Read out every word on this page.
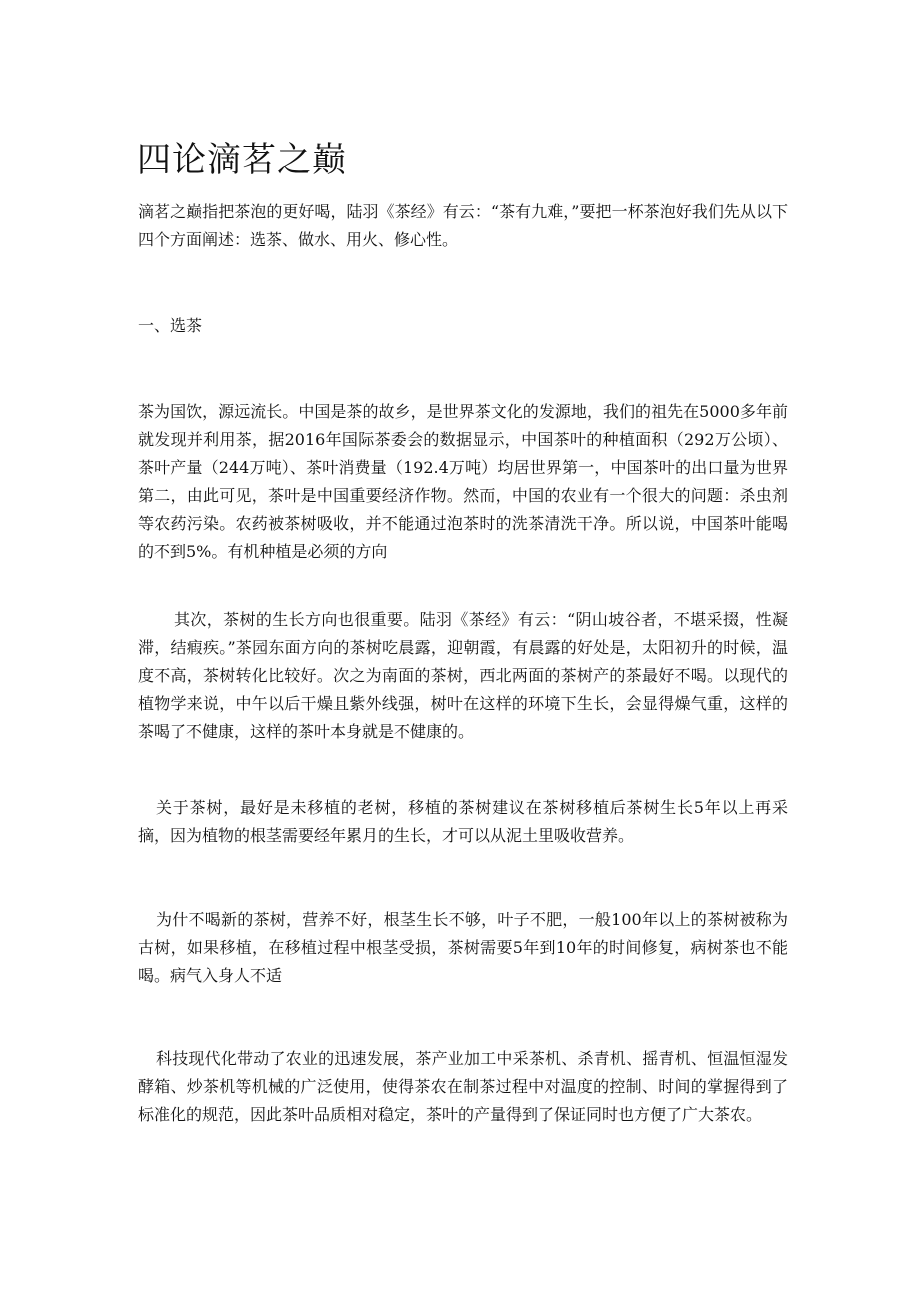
四论滴茗之巅

滴茗之巅指把茶泡的更好喝，陆羽《茶经》有云：“茶有九难，”要把一杯茶泡好我们先从以下四个方面阐述：选茶、做水、用火、修心性。

一、选茶

茶为国饮，源远流长。中国是茶的故乡，是世界茶文化的发源地，我们的祖先在5000多年前就发现并利用茶，据2016年国际茶委会的数据显示，中国茶叶的种植面积（292万公顷）、茶叶产量（244万吨）、茶叶消费量（192.4万吨）均居世界第一，中国茶叶的出口量为世界第二，由此可见，茶叶是中国重要经济作物。然而，中国的农业有一个很大的问题：杀虫剂等农药污染。农药被茶树吸收，并不能通过泡茶时的洗茶清洗干净。所以说，中国茶叶能喝的不到5%。有机种植是必须的方向

其次，茶树的生长方向也很重要。陆羽《茶经》有云：“阴山坡谷者，不堪采掇，性凝滞，结瘕疾。”茶园东面方向的茶树吃晨露，迎朝霞，有晨露的好处是，太阳初升的时候，温度不高，茶树转化比较好。次之为南面的茶树，西北两面的茶树产的茶最好不喝。以现代的植物学来说，中午以后干燥且紫外线强，树叶在这样的环境下生长，会显得燥气重，这样的茶喝了不健康，这样的茶叶本身就是不健康的。

关于茶树，最好是未移植的老树，移植的茶树建议在茶树移植后茶树生长5年以上再采摘，因为植物的根茎需要经年累月的生长，才可以从泥土里吸收营养。

为什不喝新的茶树，营养不好，根茎生长不够，叶子不肥，一般100年以上的茶树被称为古树，如果移植，在移植过程中根茎受损，茶树需要5年到10年的时间修复，病树茶也不能喝。病气入身人不适

科技现代化带动了农业的迅速发展，茶产业加工中采茶机、杀青机、摇青机、恒温恒湿发酵箱、炒茶机等机械的广泛使用，使得茶农在制茶过程中对温度的控制、时间的掌握得到了标准化的规范，因此茶叶品质相对稳定，茶叶的产量得到了保证同时也方便了广大茶农。
